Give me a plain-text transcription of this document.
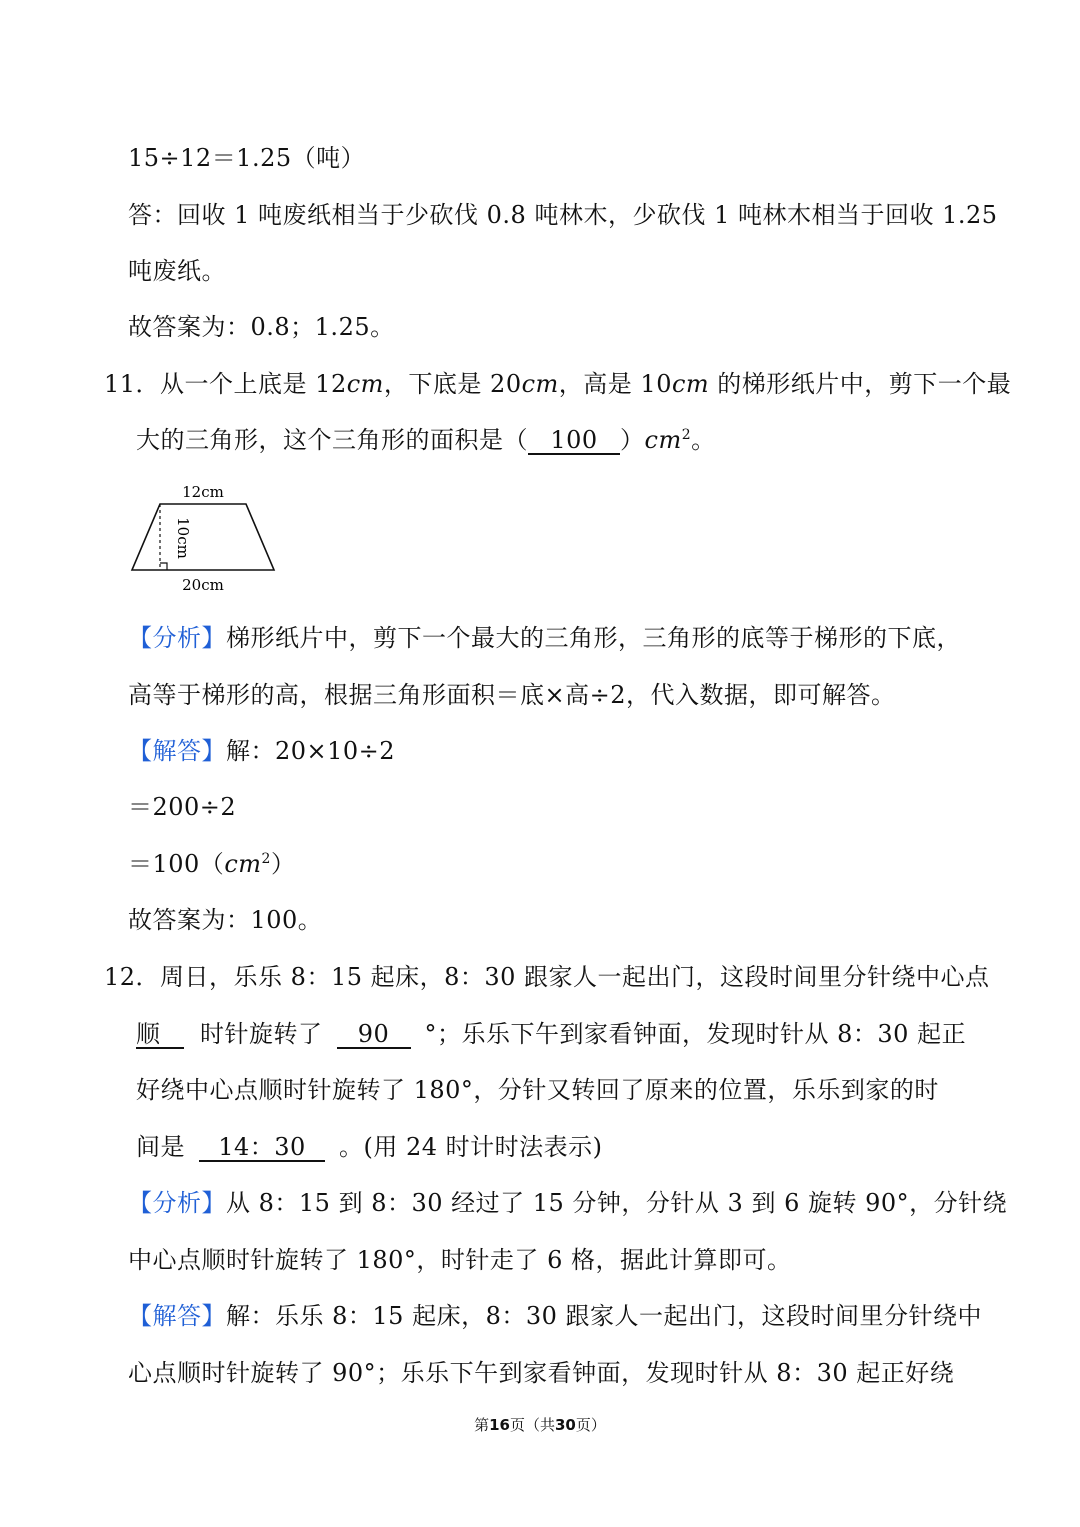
15÷12＝1.25（吨）
答：回收 1 吨废纸相当于少砍伐 0.8 吨林木，少砍伐 1 吨林木相当于回收 1.25
吨废纸。
故答案为：0.8；1.25。
11．从一个上底是 12cm，下底是 20cm，高是 10cm 的梯形纸片中，剪下一个最
大的三角形，这个三角形的面积是（ 100 ）$cm^2$。
12cm
10cm
20cm
【分析】梯形纸片中，剪下一个最大的三角形，三角形的底等于梯形的下底，
高等于梯形的高，根据三角形面积＝底×高÷2，代入数据，即可解答。
【解答】解：20×10÷2
＝200÷2
$=100(cm^2)$
故答案为：100。
12．周日，乐乐 8：15 起床，8：30 跟家人一起出门，这段时间里分针绕中心点
顺 时针旋转了 90 °；乐乐下午到家看钟面，发现时针从 8：30 起正
好绕中心点顺时针旋转了 180°，分针又转回了原来的位置，乐乐到家的时
间是 14：30 。(用 24 时计时法表示)
【分析】从 8：15 到 8：30 经过了 15 分钟，分针从 3 到 6 旋转 90°，分针绕
中心点顺时针旋转了 180°，时针走了 6 格，据此计算即可。
【解答】解：乐乐 8：15 起床，8：30 跟家人一起出门，这段时间里分针绕中
心点顺时针旋转了 90°；乐乐下午到家看钟面，发现时针从 8：30 起正好绕
第16页（共30页）
